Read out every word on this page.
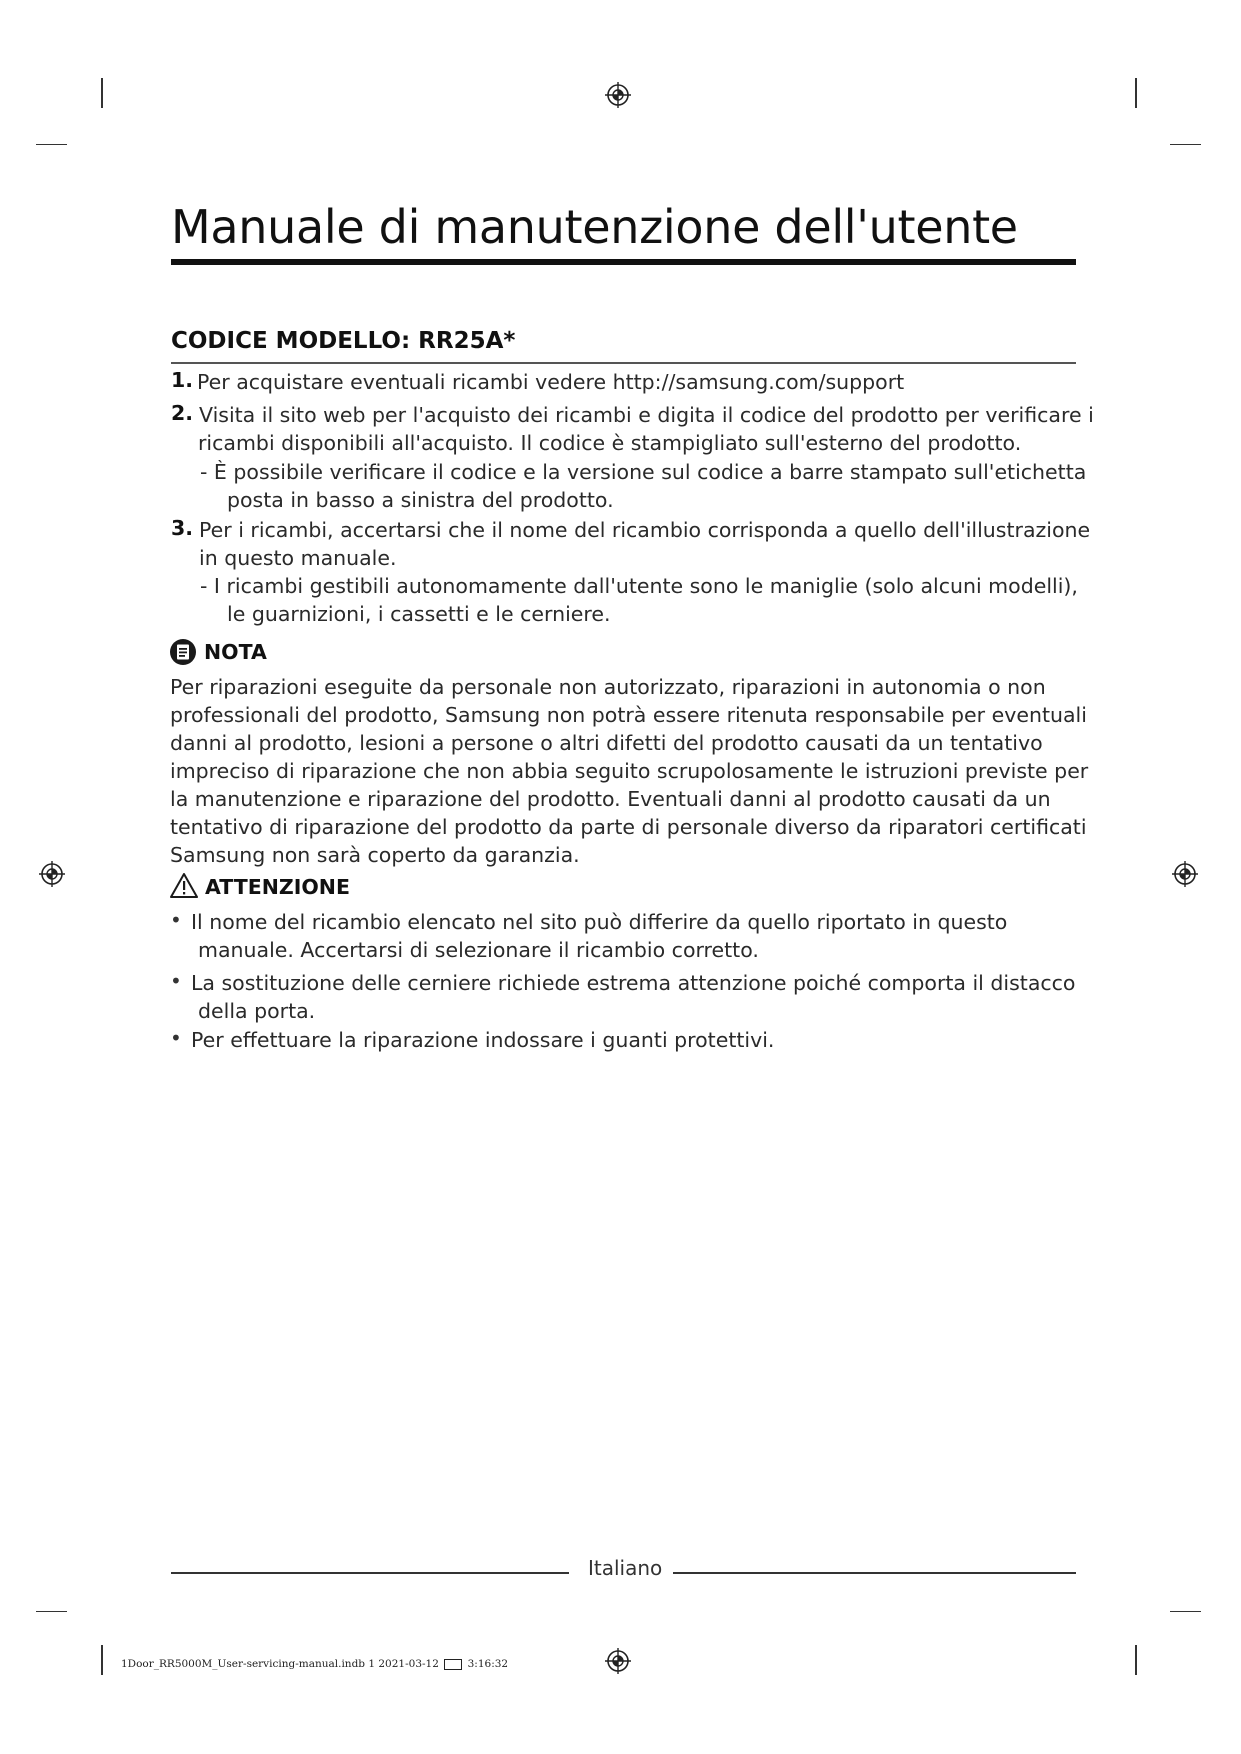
Manuale di manutenzione dell'utente
CODICE MODELLO: RR25A*
1. Per acquistare eventuali ricambi vedere http://samsung.com/support
2. Visita il sito web per l'acquisto dei ricambi e digita il codice del prodotto per verificare i
ricambi disponibili all'acquisto. Il codice è stampigliato sull'esterno del prodotto.
- È possibile verificare il codice e la versione sul codice a barre stampato sull'etichetta
posta in basso a sinistra del prodotto.
3. Per i ricambi, accertarsi che il nome del ricambio corrisponda a quello dell'illustrazione
in questo manuale.
- I ricambi gestibili autonomamente dall'utente sono le maniglie (solo alcuni modelli),
le guarnizioni, i cassetti e le cerniere.
NOTA
Per riparazioni eseguite da personale non autorizzato, riparazioni in autonomia o non
professionali del prodotto, Samsung non potrà essere ritenuta responsabile per eventuali
danni al prodotto, lesioni a persone o altri difetti del prodotto causati da un tentativo
impreciso di riparazione che non abbia seguito scrupolosamente le istruzioni previste per
la manutenzione e riparazione del prodotto. Eventuali danni al prodotto causati da un
tentativo di riparazione del prodotto da parte di personale diverso da riparatori certificati
Samsung non sarà coperto da garanzia.
ATTENZIONE
• Il nome del ricambio elencato nel sito può differire da quello riportato in questo
manuale. Accertarsi di selezionare il ricambio corretto.
• La sostituzione delle cerniere richiede estrema attenzione poiché comporta il distacco
della porta.
• Per effettuare la riparazione indossare i guanti protettivi.
Italiano
1Door_RR5000M_User-servicing-manual.indb 1 2021-03-12	3:16:32
